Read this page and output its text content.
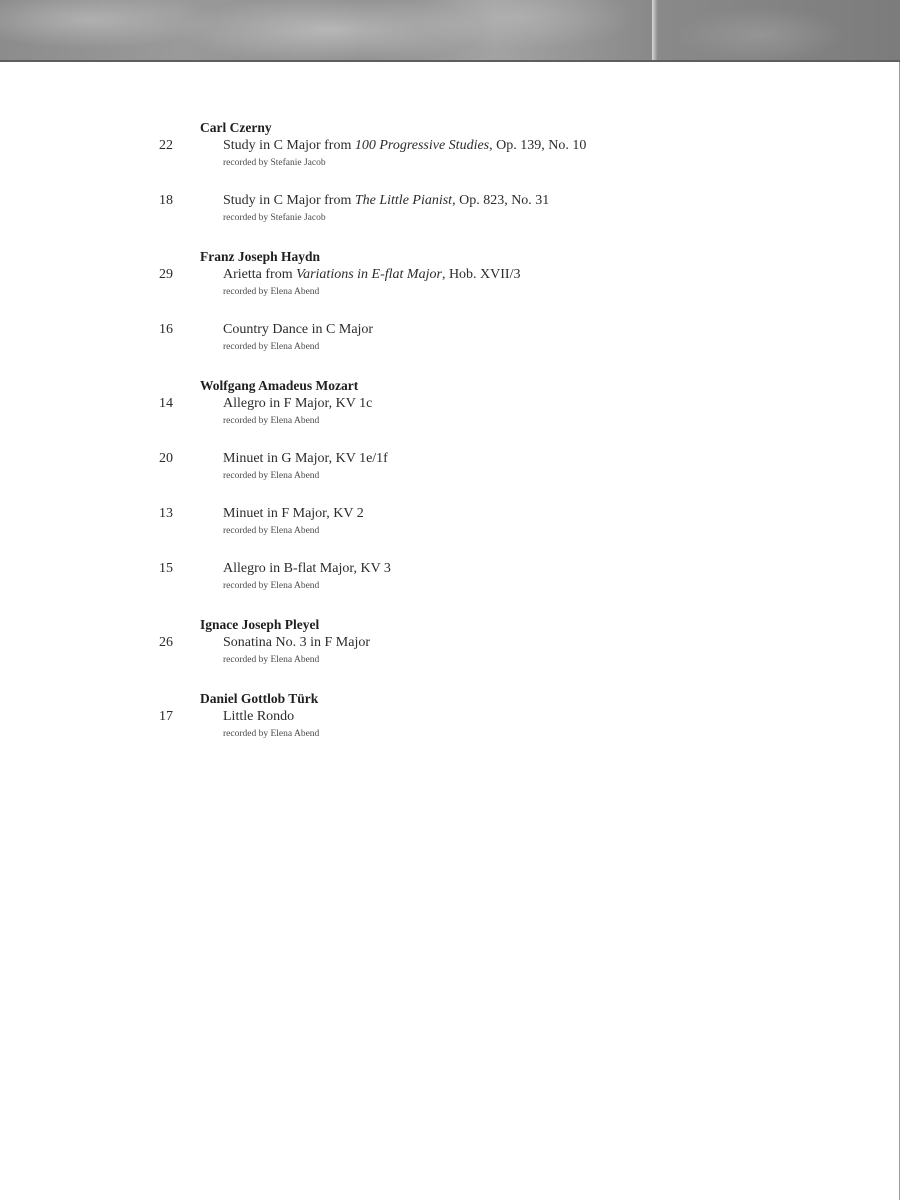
Carl Czerny
22	Study in C Major from 100 Progressive Studies, Op. 139, No. 10
recorded by Stefanie Jacob
18	Study in C Major from The Little Pianist, Op. 823, No. 31
recorded by Stefanie Jacob
Franz Joseph Haydn
29	Arietta from Variations in E-flat Major, Hob. XVII/3
recorded by Elena Abend
16	Country Dance in C Major
recorded by Elena Abend
Wolfgang Amadeus Mozart
14	Allegro in F Major, KV 1c
recorded by Elena Abend
20	Minuet in G Major, KV 1e/1f
recorded by Elena Abend
13	Minuet in F Major, KV 2
recorded by Elena Abend
15	Allegro in B-flat Major, KV 3
recorded by Elena Abend
Ignace Joseph Pleyel
26	Sonatina No. 3 in F Major
recorded by Elena Abend
Daniel Gottlob Türk
17	Little Rondo
recorded by Elena Abend
